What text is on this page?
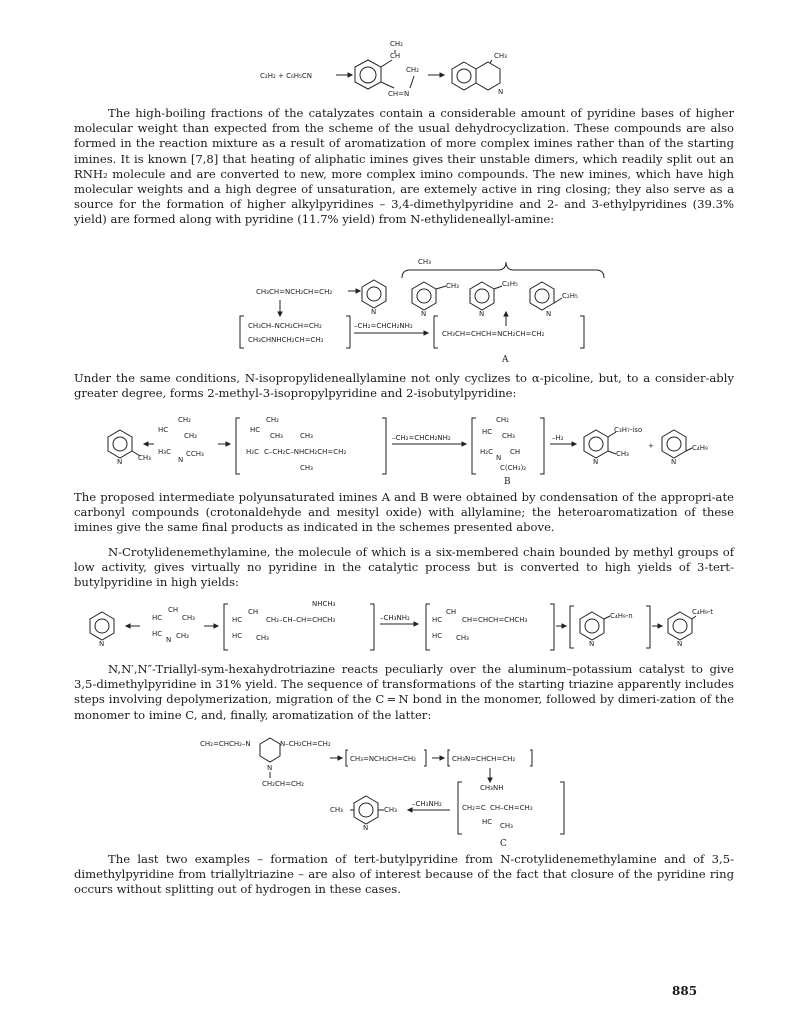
C₂H₂ + C₆H₅CN
CH
CH₂
CH₂
CH=N
CH₃
N

The high-boiling fractions of the catalyzates contain a considerable amount of pyridine bases of higher molecular weight than expected from the scheme of the usual dehydrocyclization. These compounds are also formed in the reaction mixture as a result of aromatization of more complex imines rather than of the starting imines. It is known [7,8] that heating of aliphatic imines gives their unstable dimers, which readily split out an RNH₂ molecule and are converted to new, more complex imino compounds. The new imines, which have high molecular weights and a high degree of unsaturation, are extemely active in ring closing; they also serve as a source for the formation of higher alkylpyridines – 3,4-dimethylpyridine and 2- and 3-ethylpyridines (39.3% yield) are formed along with pyridine (11.7% yield) from N-ethylideneallyl-amine:

CH₃CH=NCH₂CH=CH₂
N
CH₃
CH₃
N
C₂H₅
N
C₂H₅
N
CH₃CH–NCH₂CH=CH₂
CH₃CHNHCH₂CH=CH₂
–CH₂=CHCH₂NH₂
CH₃CH=CHCH=NCH₂CH=CH₂
A

Under the same conditions, N-isopropylideneallylamine not only cyclizes to α-picoline, but, to a consider-ably greater degree, forms 2-methyl-3-isopropylpyridine and 2-isobutylpyridine:

CH₃
N
HC
CH₂
CH₃
H₃C CCH₃
N
HC
CH₂
CH₃ CH₃
H₂C C–CH₂C–NHCH₂CH=CH₂
CH₃
–CH₂=CHCH₂NH₂
HC
CH₂
CH₃
H₂C CH
N
C(CH₃)₂
–H₂
C₃H₇-iso
CH₃
N
+	C₄H₉
N
B

The proposed intermediate polyunsaturated imines A and B were obtained by condensation of the appropri-ate carbonyl compounds (crotonaldehyde and mesityl oxide) with allylamine; the heteroaromatization of these imines give the same final products as indicated in the schemes presented above.

N-Crotylidenemethylamine, the molecule of which is a six-membered chain bounded by methyl groups of low activity, gives virtually no pyridine in the catalytic process but is converted to high yields of 3-tert-butylpyridine in high yields:

N
HC
CH
CH₃
HC
N CH₃
NHCH₃
HC
CH
CH₂–CH–CH=CHCH₃
HC CH₃
–CH₃NH₂	HC
CH
CH=CHCH=CHCH₃
HC CH₃
C₄H₉-n
N
C₄H₉-t
N

N,N′,N″-Triallyl-sym-hexahydrotriazine reacts peculiarly over the aluminum–potassium catalyst to give 3,5-dimethylpyridine in 31% yield. The sequence of transformations of the starting triazine apparently includes steps involving depolymerization, migration of the C = N bond in the monomer, followed by dimeri-zation of the monomer to imine C, and, finally, aromatization of the latter:

CH₂=CHCH₂–N	N–CH₂CH=CH₂
N
CH₂CH=CH₂
CH₃=NCH₂CH=CH₂	CH₃N=CHCH=CH₂
CH₃NH
CH₂=C CH–CH=CH₂
HC CH₃
–CH₃NH₂
CH₃	CH₃
N
C

The last two examples – formation of tert-butylpyridine from N-crotylidenemethylamine and of 3,5-dimethylpyridine from triallyltriazine – are also of interest because of the fact that closure of the pyridine ring occurs without splitting out of hydrogen in these cases.

885
